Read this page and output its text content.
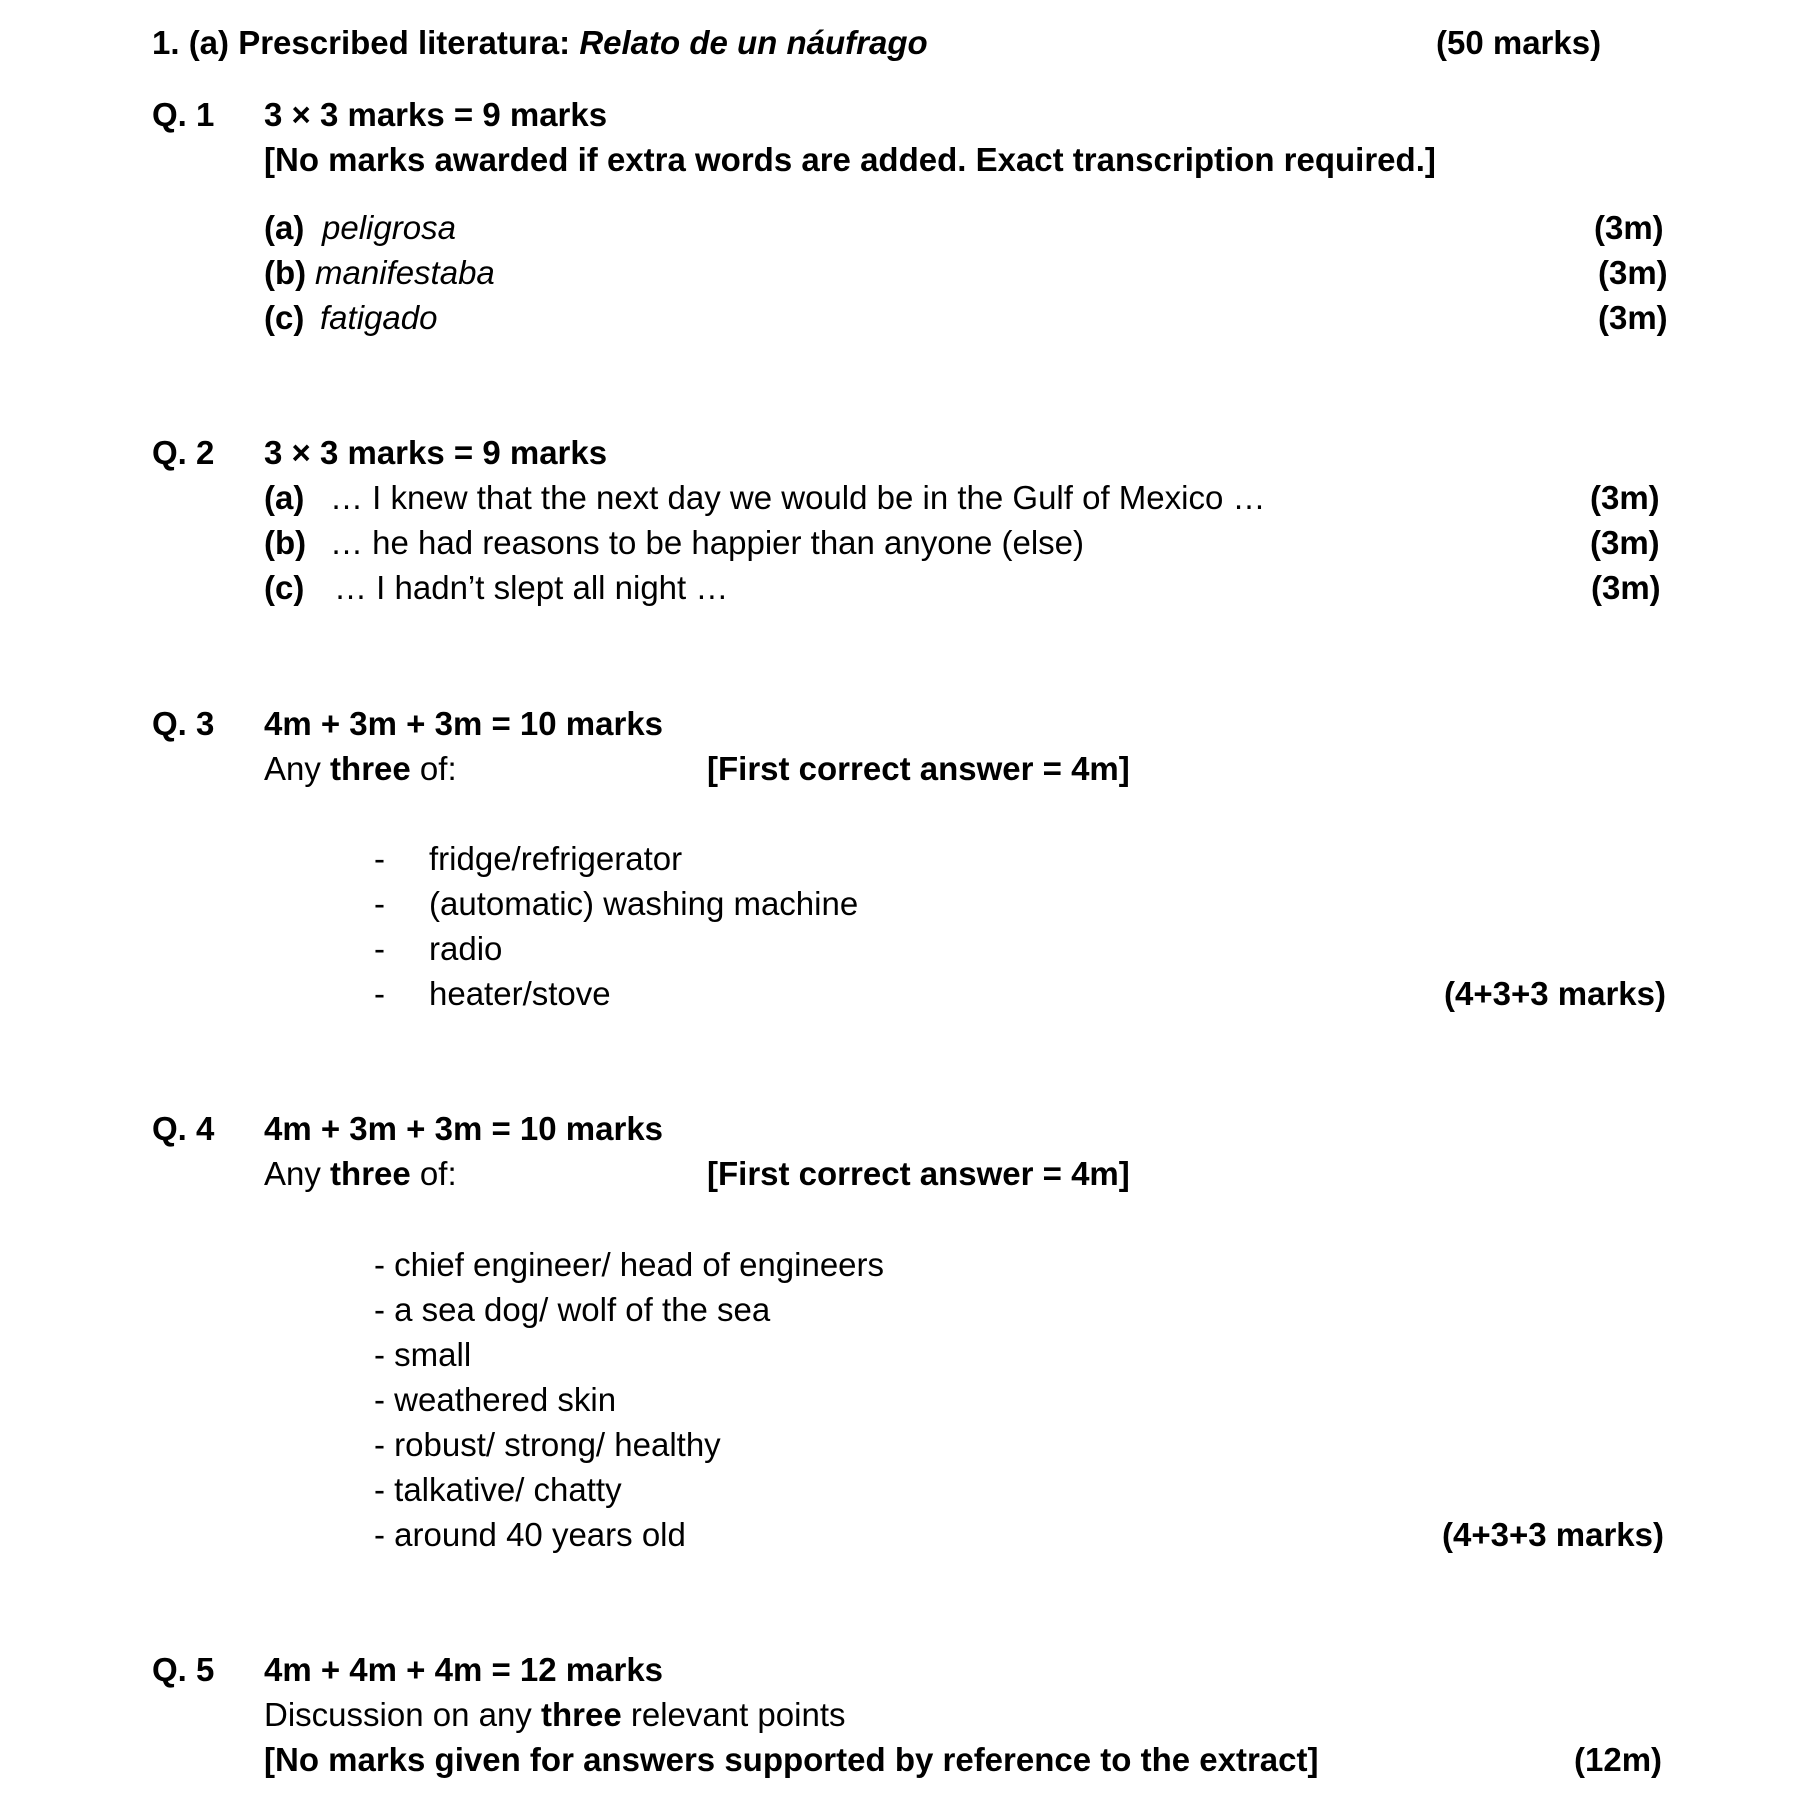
1. (a) Prescribed literatura: Relato de un náufrago	(50 marks)
Q. 1 3 × 3 marks = 9 marks
[No marks awarded if extra words are added. Exact transcription required.]
(a) peligrosa	(3m)
(b) manifestaba	(3m)
(c) fatigado	(3m)
Q. 2 3 × 3 marks = 9 marks
(a) … I knew that the next day we would be in the Gulf of Mexico …	(3m)
(b) … he had reasons to be happier than anyone (else)	(3m)
(c) … I hadn’t slept all night …	(3m)
Q. 3 4m + 3m + 3m = 10 marks
Any three of:	[First correct answer = 4m]
- fridge/refrigerator
- (automatic) washing machine
- radio
- heater/stove	(4+3+3 marks)
Q. 4 4m + 3m + 3m = 10 marks
Any three of:	[First correct answer = 4m]
- chief engineer/ head of engineers
- a sea dog/ wolf of the sea
- small
- weathered skin
- robust/ strong/ healthy
- talkative/ chatty
- around 40 years old	(4+3+3 marks)
Q. 5 4m + 4m + 4m = 12 marks
Discussion on any three relevant points
[No marks given for answers supported by reference to the extract]	(12m)
